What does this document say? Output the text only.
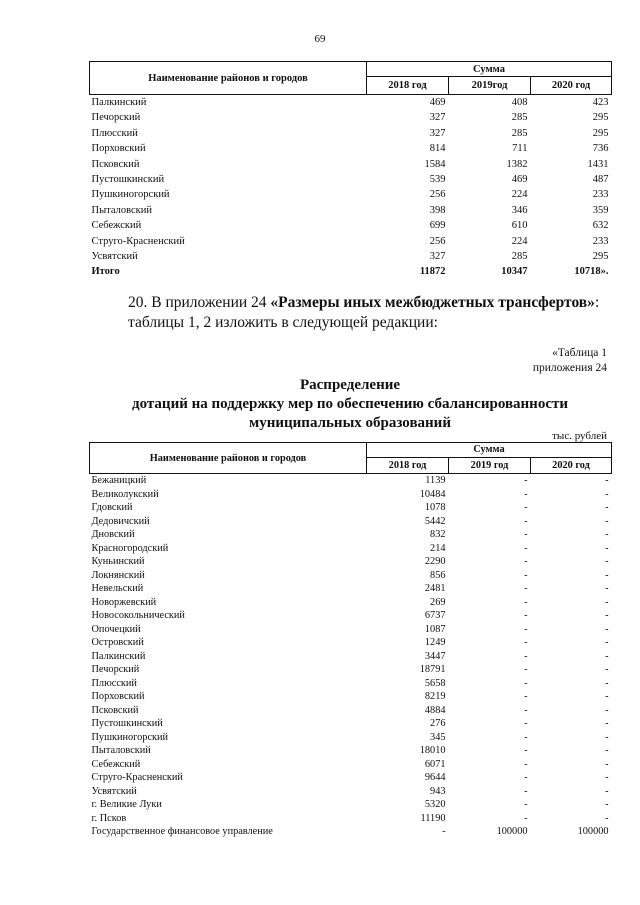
69
Наименование районов и городов	Сумма		
	2018 год	2019год	2020 год
Палкинский	469	408	423
Печорский	327	285	295
Плюсский	327	285	295
Порховский	814	711	736
Псковский	1584	1382	1431
Пустошкинский	539	469	487
Пушкиногорский	256	224	233
Пыталовский	398	346	359
Себежский	699	610	632
Струго-Красненский	256	224	233
Усвятский	327	285	295
Итого	11872	10347	10718».
20. В приложении 24 «Размеры иных межбюджетных трансфертов»: таблицы 1, 2 изложить в следующей редакции:
«Таблица 1
приложения 24
Распределение
дотаций на поддержку мер по обеспечению сбалансированности
муниципальных образований
тыс. рублей
Наименование районов и городов	Сумма		
	2018 год	2019 год	2020 год
Бежаницкий	1139	-	-
Великолукский	10484	-	-
Гдовский	1078	-	-
Дедовичский	5442	-	-
Дновский	832	-	-
Красногородский	214	-	-
Куньинский	2290	-	-
Локнянский	856	-	-
Невельский	2481	-	-
Новоржевский	269	-	-
Новосокольнический	6737	-	-
Опочецкий	1087	-	-
Островский	1249	-	-
Палкинский	3447	-	-
Печорский	18791	-	-
Плюсский	5658	-	-
Порховский	8219	-	-
Псковский	4884	-	-
Пустошкинский	276	-	-
Пушкиногорский	345	-	-
Пыталовский	18010	-	-
Себежский	6071	-	-
Струго-Красненский	9644	-	-
Усвятский	943	-	-
г. Великие Луки	5320	-	-
г. Псков	11190	-	-
Государственное финансовое управление	-	100000	100000
